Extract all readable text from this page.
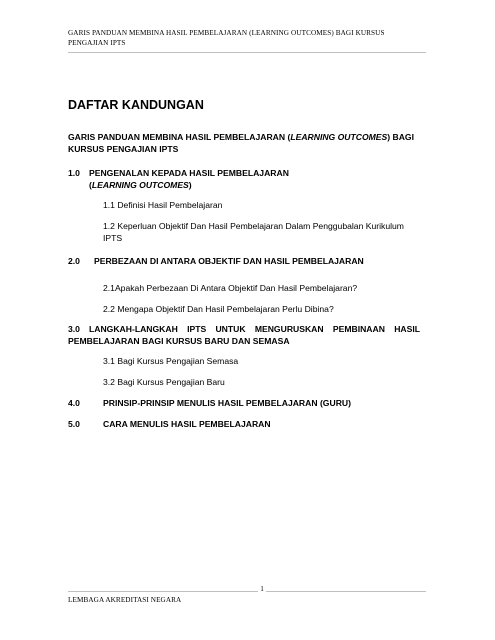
GARIS PANDUAN MEMBINA HASIL PEMBELAJARAN (LEARNING OUTCOMES) BAGI KURSUS
PENGAJIAN IPTS
DAFTAR KANDUNGAN
GARIS PANDUAN MEMBINA HASIL PEMBELAJARAN (LEARNING OUTCOMES) BAGI KURSUS PENGAJIAN IPTS
1.0 PENGENALAN KEPADA HASIL PEMBELAJARAN
(LEARNING OUTCOMES)
1.1 Definisi Hasil Pembelajaran
1.2 Keperluan Objektif Dan Hasil Pembelajaran Dalam Penggubalan Kurikulum IPTS
2.0 PERBEZAAN DI ANTARA OBJEKTIF DAN HASIL PEMBELAJARAN
2.1Apakah Perbezaan Di Antara Objektif Dan Hasil Pembelajaran?
2.2 Mengapa Objektif Dan Hasil Pembelajaran Perlu Dibina?
3.0	LANGKAH-LANGKAH IPTS UNTUK MENGURUSKAN PEMBINAAN HASIL PEMBELAJARAN BAGI KURSUS BARU DAN SEMASA
3.1 Bagi Kursus Pengajian Semasa
3.2 Bagi Kursus Pengajian Baru
4.0	PRINSIP-PRINSIP MENULIS HASIL PEMBELAJARAN (GURU)
5.0	CARA MENULIS HASIL PEMBELAJARAN
1
LEMBAGA AKREDITASI NEGARA
